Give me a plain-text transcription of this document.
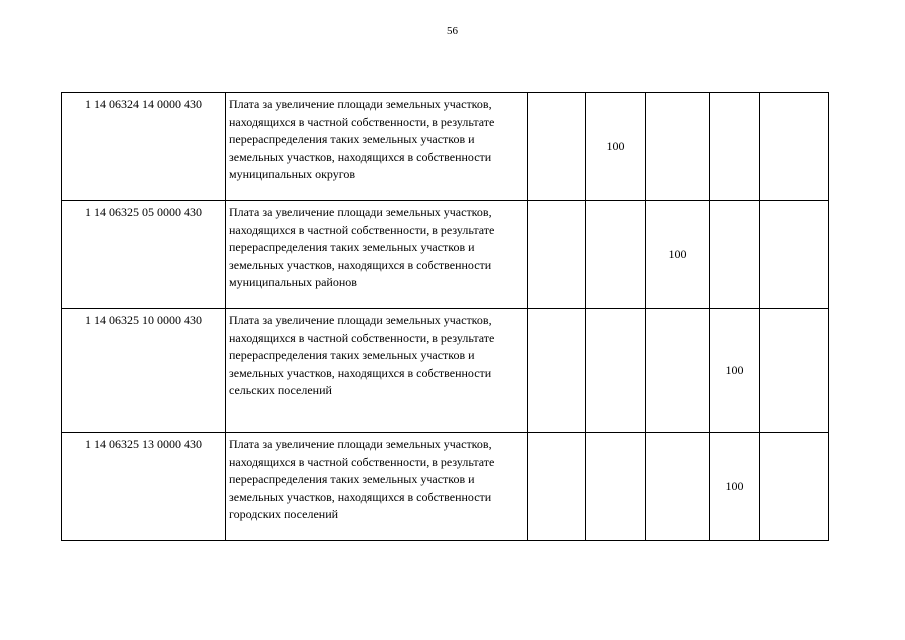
56
1 14 06324 14 0000 430	Плата за увеличение площади земельных участков, находящихся в частной собственности, в результате перераспределения таких земельных участков и земельных участков, находящихся в собственности муниципальных округов		100			
1 14 06325 05 0000 430	Плата за увеличение площади земельных участков, находящихся в частной собственности, в результате перераспределения таких земельных участков и земельных участков, находящихся в собственности муниципальных районов			100		
1 14 06325 10 0000 430	Плата за увеличение площади земельных участков, находящихся в частной собственности, в результате перераспределения таких земельных участков и земельных участков, находящихся в собственности сельских поселений				100	
1 14 06325 13 0000 430	Плата за увеличение площади земельных участков, находящихся в частной собственности, в результате перераспределения таких земельных участков и земельных участков, находящихся в собственности городских поселений				100	
